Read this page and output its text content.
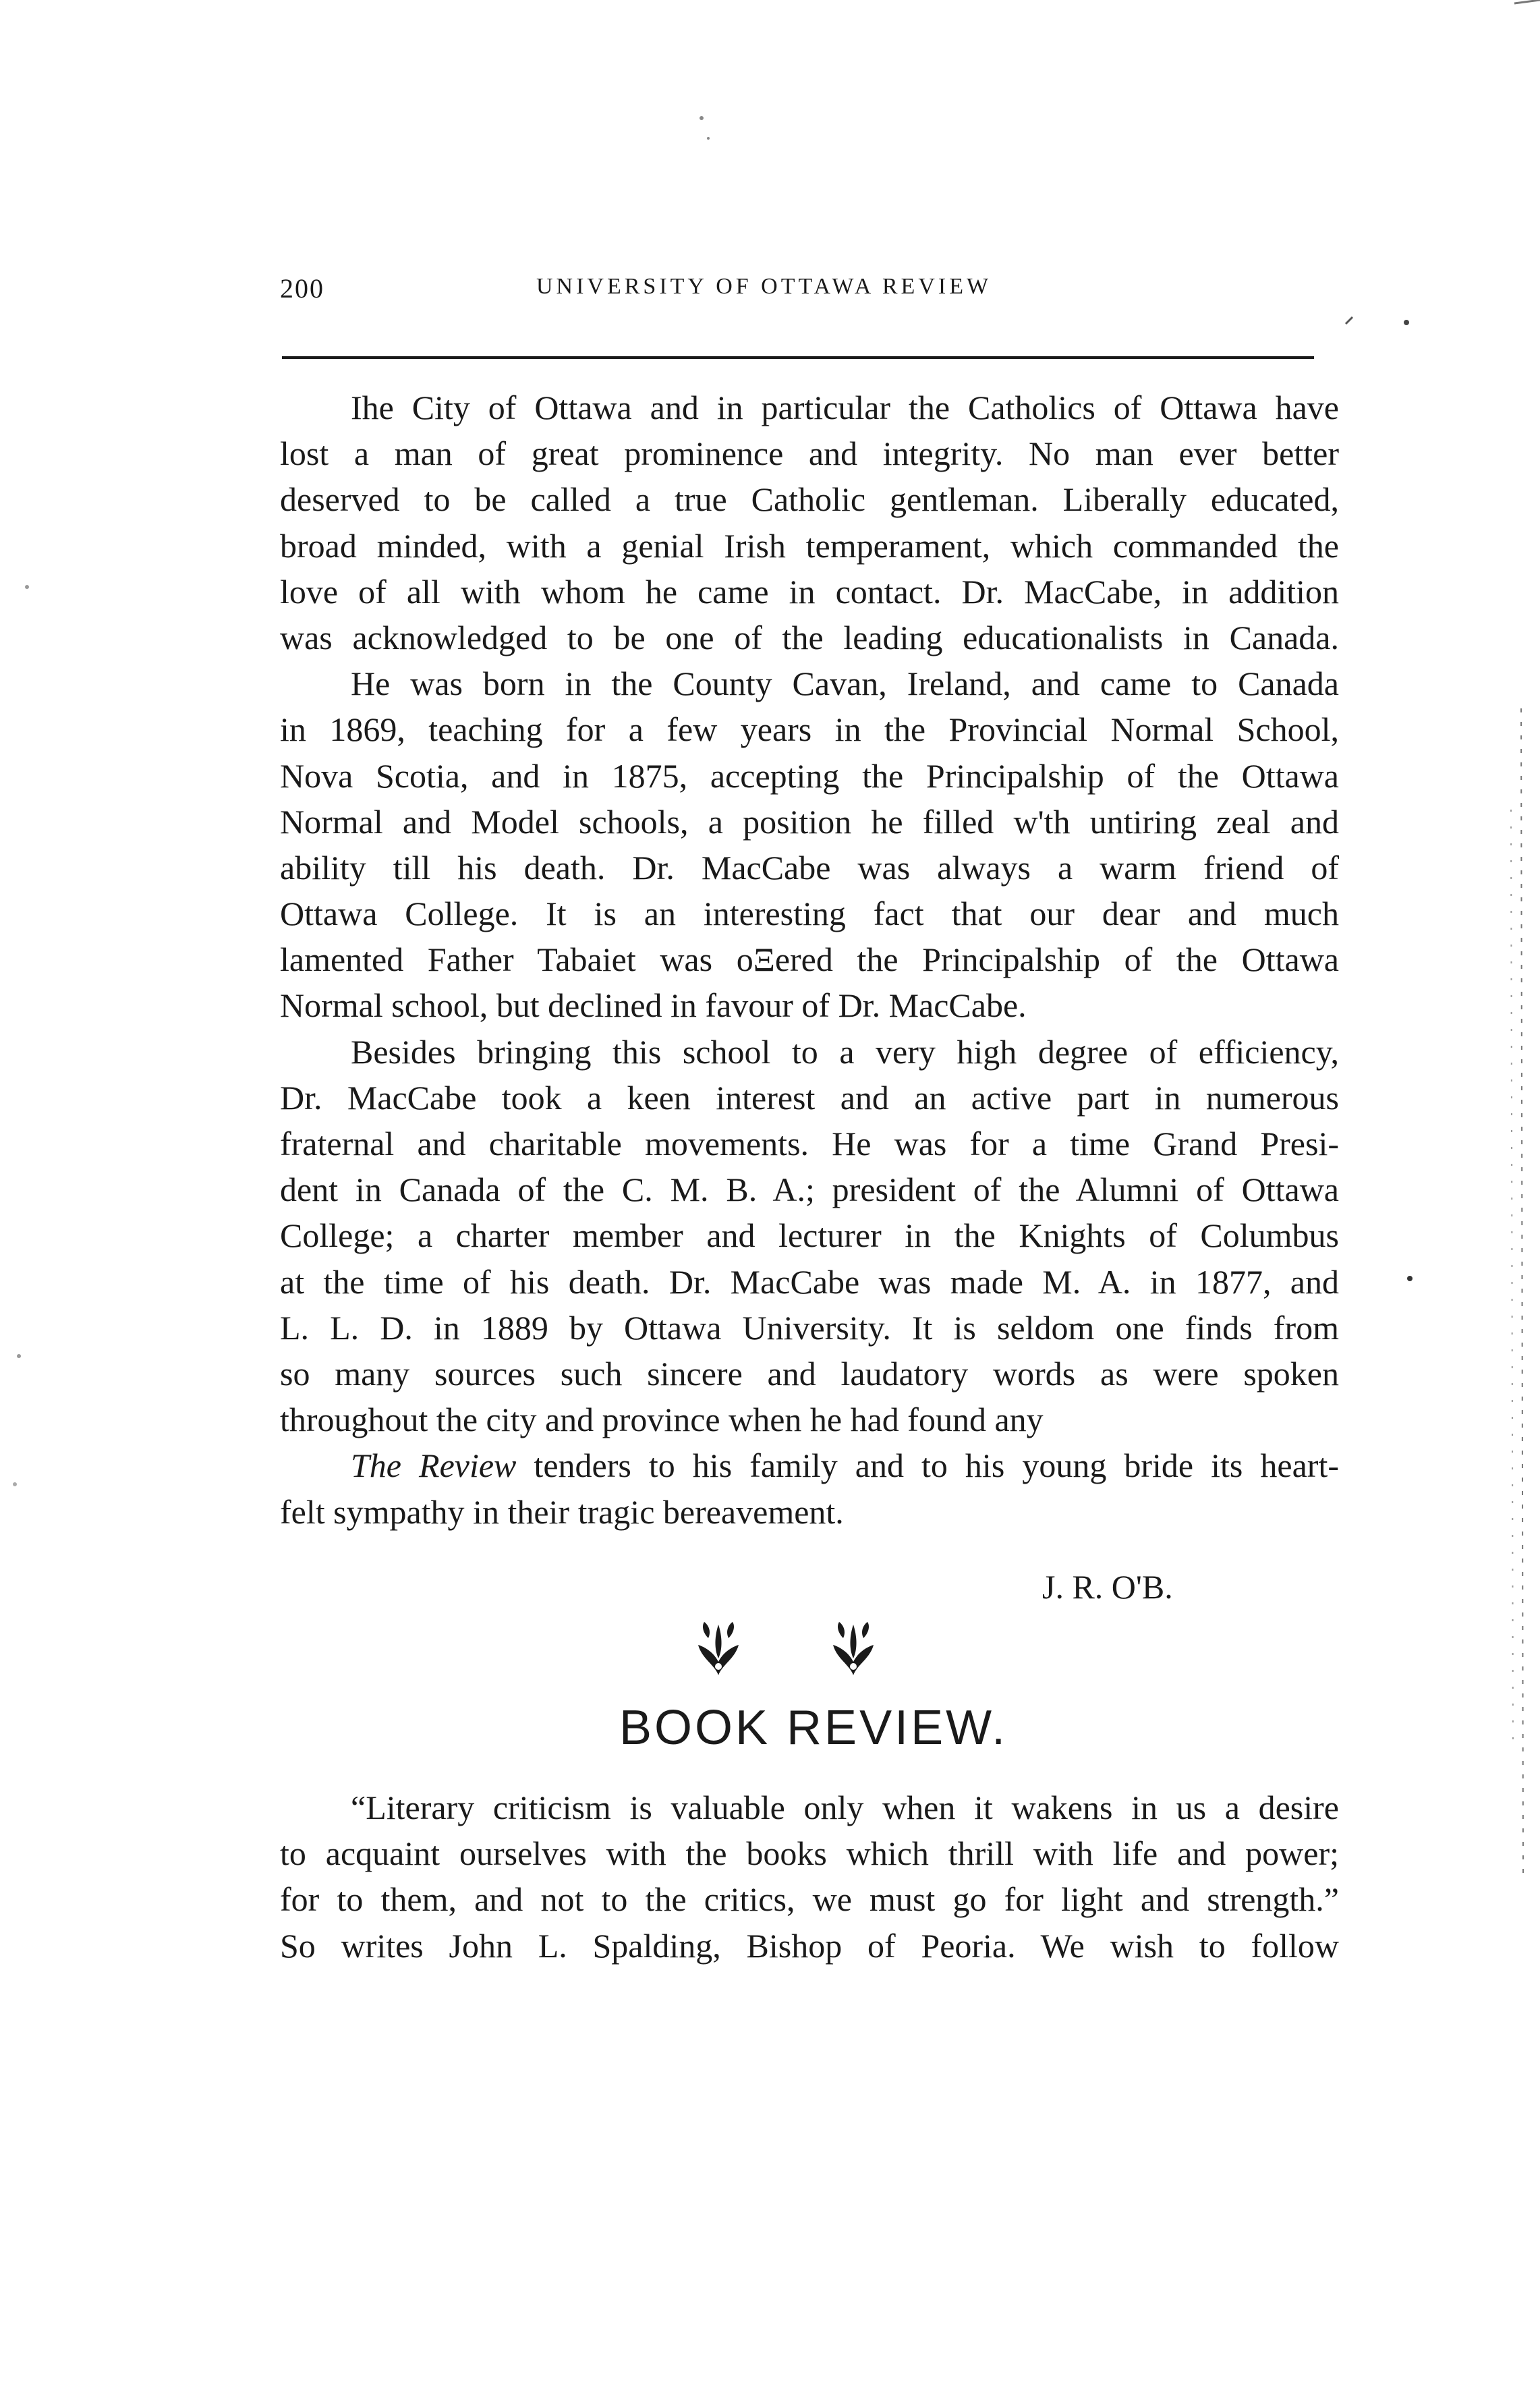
200	UNIVERSITY OF OTTAWA REVIEW
Ihe City of Ottawa and in particular the Catholics of Ottawa have
lost a man of great prominence and integrity. No man ever better
deserved to be called a true Catholic gentleman. Liberally educated,
broad minded, with a genial Irish temperament, which commanded the
love of all with whom he came in contact. Dr. MacCabe, in addition
was acknowledged to be one of the leading educationalists in Canada.
He was born in the County Cavan, Ireland, and came to Canada
in 1869, teaching for a few years in the Provincial Normal School,
Nova Scotia, and in 1875, accepting the Principalship of the Ottawa
Normal and Model schools, a position he filled w'th untiring zeal and
ability till his death. Dr. MacCabe was always a warm friend of
Ottawa College. It is an interesting fact that our dear and much
lamented Father Tabaiet was oΞered the Principalship of the Ottawa
Normal school, but declined in favour of Dr. MacCabe.
Besides bringing this school to a very high degree of efficiency,
Dr. MacCabe took a keen interest and an active part in numerous
fraternal and charitable movements. He was for a time Grand Presi-
dent in Canada of the C. M. B. A.; president of the Alumni of Ottawa
College; a charter member and lecturer in the Knights of Columbus
at the time of his death. Dr. MacCabe was made M. A. in 1877, and
L. L. D. in 1889 by Ottawa University. It is seldom one finds from
so many sources such sincere and laudatory words as were spoken
throughout the city and province when he had found any
The Review tenders to his family and to his young bride its heart-
felt sympathy in their tragic bereavement.
J. R. O'B.
BOOK REVIEW.
“Literary criticism is valuable only when it wakens in us a desire
to acquaint ourselves with the books which thrill with life and power;
for to them, and not to the critics, we must go for light and strength.”
So writes John L. Spalding, Bishop of Peoria. We wish to follow
